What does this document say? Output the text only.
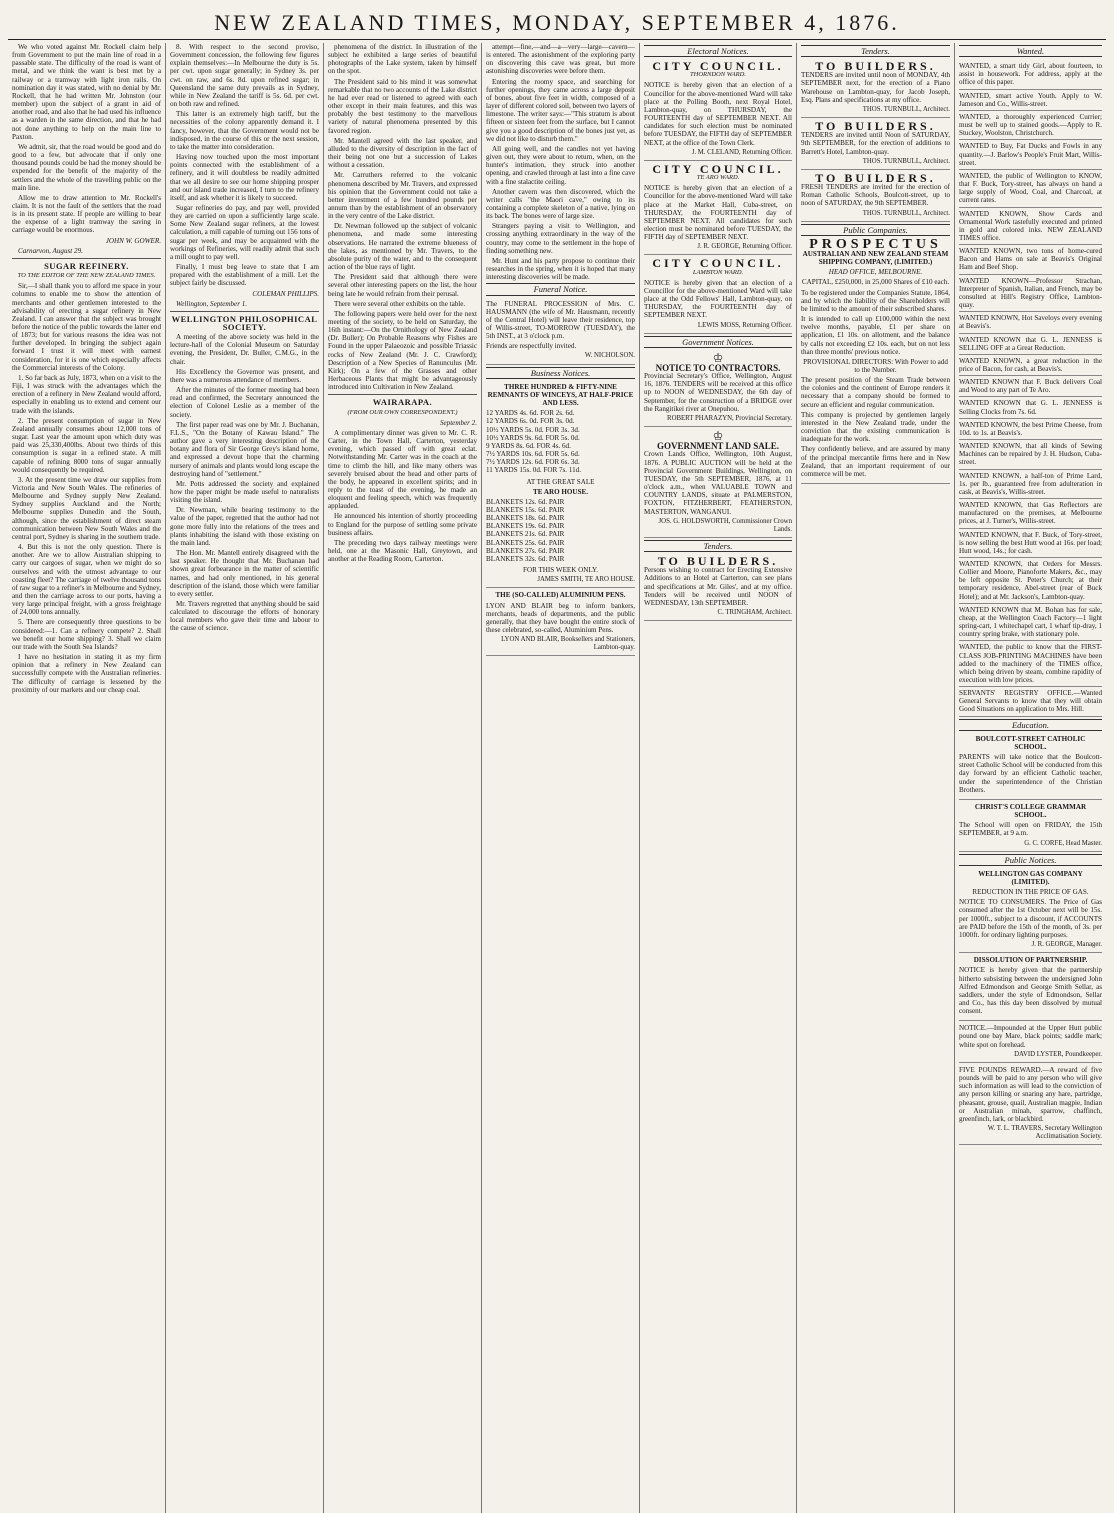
NEW ZEALAND TIMES, MONDAY, SEPTEMBER 4, 1876.

We who voted against Mr. Rockell claim help from Government to put the main line of road in a passable state. The difficulty of the road is want of metal, and we think the want is best met by a railway or a tramway with light iron rails. On nomination day it was stated, with no denial by Mr. Rockell, that he had written Mr. Johnston (our member) upon the subject of a grant in aid of another road, and also that he had used his influence as a warden in the same direction, and that he had not done anything to help on the main line to Paxton.

We admit, sir, that the road would be good and do good to a few, but advocate that if only one thousand pounds could be had the money should be expended for the benefit of the majority of the settlers and the whole of the travelling public on the main line.

Allow me to draw attention to Mr. Rockell's claim. It is not the fault of the settlers that the road is in its present state. If people are willing to bear the expense of a light tramway the saving in carriage would be enormous.

JOHN W. GOWER.
Carnarvon, August 29.
SUGAR REFINERY.
TO THE EDITOR OF THE NEW ZEALAND TIMES.

Sir,—I shall thank you to afford me space in your columns to enable me to show the attention of merchants and other gentlemen interested to the advisability of erecting a sugar refinery in New Zealand. I can answer that the subject was brought before the notice of the public towards the latter end of 1873; but for various reasons the idea was not further developed. In bringing the subject again forward I trust it will meet with earnest consideration, for it is one which especially affects the Commercial interests of the Colony.

1. So far back as July, 1873, when on a visit to the Fiji, I was struck with the advantages which the erection of a refinery in New Zealand would afford, especially in enabling us to extend and cement our trade with the islands.

2. The present consumption of sugar in New Zealand annually consumes about 12,000 tons of sugar. Last year the amount upon which duty was paid was 25,330,400lbs. About two thirds of this consumption is sugar in a refined state. A mill capable of refining 8000 tons of sugar annually would consequently be required.

3. At the present time we draw our supplies from Victoria and New South Wales. The refineries of Melbourne and Sydney supply New Zealand. Sydney supplies Auckland and the North; Melbourne supplies Dunedin and the South, although, since the establishment of direct steam communication between New South Wales and the central port, Sydney is sharing in the southern trade.

4. But this is not the only question. There is another. Are we to allow Australian shipping to carry our cargoes of sugar, when we might do so ourselves and with the utmost advantage to our coasting fleet? The carriage of twelve thousand tons of raw sugar to a refiner's in Melbourne and Sydney, and then the carriage across to our ports, having a very large principal freight, with a gross freightage of 24,000 tons annually.

5. There are consequently three questions to be considered:—1. Can a refinery compete? 2. Shall we benefit our home shipping? 3. Shall we claim our trade with the South Sea Islands?

I have no hesitation in stating it as my firm opinion that a refinery in New Zealand can successfully compete with the Australian refineries. The difficulty of carriage is lessened by the proximity of our markets and our cheap coal.

8. With respect to the second proviso, Government concession, the following few figures explain themselves:—In Melbourne the duty is 5s. per cwt. upon sugar generally; in Sydney 3s. per cwt. on raw, and 6s. 8d. upon refined sugar; in Queensland the same duty prevails as in Sydney, while in New Zealand the tariff is 5s. 6d. per cwt. on both raw and refined.

This latter is an extremely high tariff, but the necessities of the colony apparently demand it. I fancy, however, that the Government would not be indisposed, in the course of this or the next session, to take the matter into consideration.

Having now touched upon the most important points connected with the establishment of a refinery, and it will doubtless be readily admitted that we all desire to see our home shipping prosper and our island trade increased, I turn to the refinery itself, and ask whether it is likely to succeed.

Sugar refineries do pay, and pay well, provided they are carried on upon a sufficiently large scale. Some New Zealand sugar refiners, at the lowest calculation, a mill capable of turning out 156 tons of sugar per week, and may be acquainted with the workings of Refineries, will readily admit that such a mill ought to pay well.

Finally, I must beg leave to state that I am prepared with the establishment of a mill. Let the subject fairly be discussed.

COLEMAN PHILLIPS.
Wellington, September 1.
WELLINGTON PHILOSOPHICAL SOCIETY.

A meeting of the above society was held in the lecture-hall of the Colonial Museum on Saturday evening, the President, Dr. Buller, C.M.G., in the chair.

His Excellency the Governor was present, and there was a numerous attendance of members.

After the minutes of the former meeting had been read and confirmed, the Secretary announced the election of Colonel Leslie as a member of the society.

The first paper read was one by Mr. J. Buchanan, F.L.S., "On the Botany of Kawau Island." The author gave a very interesting description of the botany and flora of Sir George Grey's island home, and expressed a devout hope that the charming nursery of animals and plants would long escape the destroying hand of "settlement."

Mr. Potts addressed the society and explained how the paper might be made useful to naturalists visiting the island.

Dr. Newman, while bearing testimony to the value of the paper, regretted that the author had not gone more fully into the relations of the trees and plants inhabiting the island with those existing on the main land.

The Hon. Mr. Mantell entirely disagreed with the last speaker. He thought that Mr. Buchanan had shown great forbearance in the matter of scientific names, and had only mentioned, in his general description of the island, those which were familiar to every settler.

Mr. Travers regretted that anything should be said calculated to discourage the efforts of honorary local members who gave their time and labour to the cause of science.

phenomena of the district. In illustration of the subject he exhibited a large series of beautiful photographs of the Lake system, taken by himself on the spot.

The President said to his mind it was somewhat remarkable that no two accounts of the Lake district he had ever read or listened to agreed with each other except in their main features, and this was probably the best testimony to the marvellous variety of natural phenomena presented by this favored region.

Mr. Mantell agreed with the last speaker, and alluded to the diversity of description in the fact of their being not one but a succession of Lakes without a cessation.

Mr. Carruthers referred to the volcanic phenomena described by Mr. Travers, and expressed his opinion that the Government could not take a better investment of a few hundred pounds per annum than by the establishment of an observatory in the very centre of the Lake district.

Dr. Newman followed up the subject of volcanic phenomena, and made some interesting observations. He narrated the extreme blueness of the lakes, as mentioned by Mr. Travers, to the absolute purity of the water, and to the consequent action of the blue rays of light.

The President said that although there were several other interesting papers on the list, the hour being late he would refrain from their perusal.

There were several other exhibits on the table.

The following papers were held over for the next meeting of the society, to be held on Saturday, the 16th instant:—On the Ornithology of New Zealand (Dr. Buller); On Probable Reasons why Fishes are Found in the upper Palaeozoic and possible Triassic rocks of New Zealand (Mr. J. C. Crawford); Description of a New Species of Ranunculus (Mr. Kirk); On a few of the Grasses and other Herbaceous Plants that might be advantageously introduced into Cultivation in New Zealand.

WAIRARAPA.
(FROM OUR OWN CORRESPONDENT.)
September 2.

A complimentary dinner was given to Mr. C. R. Carter, in the Town Hall, Carterton, yesterday evening, which passed off with great eclat. Notwithstanding Mr. Carter was in the coach at the time to climb the hill, and like many others was severely bruised about the head and other parts of the body, he appeared in excellent spirits; and in reply to the toast of the evening, he made an eloquent and feeling speech, which was frequently applauded.

He announced his intention of shortly proceeding to England for the purpose of settling some private business affairs.

The preceding two days railway meetings were held, one at the Masonic Hall, Greytown, and another at the Reading Room, Carterton.

attempt—fine,—and—a—very—large—cavern—is entered. The astonishment of the exploring party on discovering this cave was great, but more astonishing discoveries were before them.

Entering the roomy space, and searching for further openings, they came across a large deposit of bones, about five feet in width, composed of a layer of different colored soil, between two layers of limestone. The writer says:—"This stratum is about fifteen or sixteen feet from the surface, but I cannot give you a good description of the bones just yet, as we did not like to disturb them."

All going well, and the candles not yet having given out, they were about to return, when, on the hunter's intimation, they struck into another opening, and crawled through at last into a fine cave with a fine stalactite ceiling.

Another cavern was then discovered, which the writer calls "the Maori cave," owing to its containing a complete skeleton of a native, lying on its back. The bones were of large size.

Strangers paying a visit to Wellington, and crossing anything extraordinary in the way of the country, may come to the settlement in the hope of finding something new.

Mr. Hunt and his party propose to continue their researches in the spring, when it is hoped that many interesting discoveries will be made.

Funeral Notice.

The FUNERAL PROCESSION of Mrs. C. HAUSMANN (the wife of Mr. Hausmann, recently of the Central Hotel) will leave their residence, top of Willis-street, TO-MORROW (TUESDAY), the 5th INST., at 3 o'clock p.m.

Friends are respectfully invited.

W. NICHOLSON.
Business Notices.

THREE HUNDRED & FIFTY-NINE REMNANTS OF WINCEYS, AT HALF-PRICE AND LESS.

12 YARDS 4s. 6d. FOR 2s. 6d.
12 YARDS 6s. 0d. FOR 3s. 0d.
10½ YARDS 5s. 0d. FOR 3s. 3d.
10½ YARDS 9s. 6d. FOR 5s. 0d.
9 YARDS 8s. 6d. FOR 4s. 6d.
7½ YARDS 10s. 6d. FOR 5s. 6d.
7½ YARDS 12s. 6d. FOR 6s. 3d.
11 YARDS 15s. 0d. FOR 7s. 11d.

AT THE GREAT SALE

TE ARO HOUSE.

BLANKETS 12s. 6d. PAIR
BLANKETS 15s. 6d. PAIR
BLANKETS 18s. 6d. PAIR
BLANKETS 19s. 6d. PAIR
BLANKETS 21s. 6d. PAIR
BLANKETS 25s. 6d. PAIR
BLANKETS 27s. 6d. PAIR
BLANKETS 32s. 6d. PAIR

FOR THIS WEEK ONLY.

JAMES SMITH, TE ARO HOUSE.

THE (SO-CALLED) ALUMINIUM PENS.

LYON AND BLAIR beg to inform bankers, merchants, heads of departments, and the public generally, that they have bought the entire stock of these celebrated, so-called, Aluminium Pens.

LYON AND BLAIR, Booksellers and Stationers, Lambton-quay.
Electoral Notices.
CITY COUNCIL.
THORNDON WARD.

NOTICE is hereby given that an election of a Councillor for the above-mentioned Ward will take place at the Polling Booth, next Royal Hotel, Lambton-quay, on THURSDAY, the FOURTEENTH day of SEPTEMBER NEXT. All candidates for such election must be nominated before TUESDAY, the FIFTH day of SEPTEMBER NEXT, at the office of the Town Clerk.

J. M. CLELAND, Returning Officer.
CITY COUNCIL.
TE ARO WARD.

NOTICE is hereby given that an election of a Councillor for the above-mentioned Ward will take place at the Market Hall, Cuba-street, on THURSDAY, the FOURTEENTH day of SEPTEMBER NEXT. All candidates for such election must be nominated before TUESDAY, the FIFTH day of SEPTEMBER NEXT.

J. R. GEORGE, Returning Officer.
CITY COUNCIL.
LAMBTON WARD.

NOTICE is hereby given that an election of a Councillor for the above-mentioned Ward will take place at the Odd Fellows' Hall, Lambton-quay, on THURSDAY, the FOURTEENTH day of SEPTEMBER NEXT.

LEWIS MOSS, Returning Officer.
Government Notices.
♔
NOTICE TO CONTRACTORS.

Provincial Secretary's Office, Wellington, August 16, 1876. TENDERS will be received at this office up to NOON of WEDNESDAY, the 6th day of September, for the construction of a BRIDGE over the Rangitikei river at Onepuhou.

ROBERT PHARAZYN, Provincial Secretary.
♔
GOVERNMENT LAND SALE.

Crown Lands Office, Wellington, 10th August, 1876. A PUBLIC AUCTION will be held at the Provincial Government Buildings, Wellington, on TUESDAY, the 5th SEPTEMBER, 1876, at 11 o'clock a.m., when VALUABLE TOWN and COUNTRY LANDS, situate at PALMERSTON, FOXTON, FITZHERBERT, FEATHERSTON, MASTERTON, WANGANUI.

JOS. G. HOLDSWORTH, Commissioner Crown Lands.
Tenders.
TO BUILDERS.

Persons wishing to contract for Erecting Extensive Additions to an Hotel at Carterton, can see plans and specifications at Mr. Giles', and at my office. Tenders will be received until NOON of WEDNESDAY, 13th SEPTEMBER.

C. TRINGHAM, Architect.
Tenders.
TO BUILDERS.

TENDERS are invited until noon of MONDAY, 4th SEPTEMBER next, for the erection of a Piano Warehouse on Lambton-quay, for Jacob Joseph, Esq. Plans and specifications at my office.

THOS. TURNBULL, Architect.
TO BUILDERS.

TENDERS are invited until Noon of SATURDAY, 9th SEPTEMBER, for the erection of additions to Barrett's Hotel, Lambton-quay.

THOS. TURNBULL, Architect.
TO BUILDERS.

FRESH TENDERS are invited for the erection of Roman Catholic Schools, Boulcott-street, up to noon of SATURDAY, the 9th SEPTEMBER.

THOS. TURNBULL, Architect.
Public Companies.
PROSPECTUS

AUSTRALIAN AND NEW ZEALAND STEAM SHIPPING COMPANY, (LIMITED.)

HEAD OFFICE, MELBOURNE.

CAPITAL, £250,000, in 25,000 Shares of £10 each.

To be registered under the Companies Statute, 1864, and by which the liability of the Shareholders will be limited to the amount of their subscribed shares.

It is intended to call up £100,000 within the next twelve months, payable, £1 per share on application, £1 10s. on allotment, and the balance by calls not exceeding £2 10s. each, but on not less than three months' previous notice.

PROVISIONAL DIRECTORS: With Power to add to the Number.

The present position of the Steam Trade between the colonies and the continent of Europe renders it necessary that a company should be formed to secure an efficient and regular communication.

This company is projected by gentlemen largely interested in the New Zealand trade, under the conviction that the existing communication is inadequate for the work.

They confidently believe, and are assured by many of the principal mercantile firms here and in New Zealand, that an important requirement of our commerce will be met.

Wanted.

WANTED, a smart tidy Girl, about fourteen, to assist in housework. For address, apply at the office of this paper.

WANTED, smart active Youth. Apply to W. Jameson and Co., Willis-street.

WANTED, a thoroughly experienced Currier; must be well up to stained goods.—Apply to R. Stuckey, Woolston, Christchurch.

WANTED to Buy, Fat Ducks and Fowls in any quantity.—J. Barlow's People's Fruit Mart, Willis-street.

WANTED, the public of Wellington to KNOW, that F. Buck, Tory-street, has always on hand a large supply of Wood, Coal, and Charcoal, at current rates.

WANTED KNOWN, Show Cards and Ornamental Work tastefully executed and printed in gold and colored inks. NEW ZEALAND TIMES office.

WANTED KNOWN, two tons of home-cured Bacon and Hams on sale at Beavis's Original Ham and Beef Shop.

WANTED KNOWN—Professor Strachan, Interpreter of Spanish, Italian, and French, may be consulted at Hill's Registry Office, Lambton-quay.

WANTED KNOWN, Hot Saveloys every evening at Beavis's.

WANTED KNOWN that G. L. JENNESS is SELLING OFF at a Great Reduction.

WANTED KNOWN, a great reduction in the price of Bacon, for cash, at Beavis's.

WANTED KNOWN that F. Buck delivers Coal and Wood to any part of Te Aro.

WANTED KNOWN that G. L. JENNESS is Selling Clocks from 7s. 6d.

WANTED KNOWN, the best Prime Cheese, from 10d. to 1s. at Beavis's.

WANTED KNOWN, that all kinds of Sewing Machines can be repaired by J. H. Hudson, Cuba-street.

WANTED KNOWN, a half-ton of Prime Lard, 1s. per lb., guaranteed free from adulteration in cask, at Beavis's, Willis-street.

WANTED KNOWN, that Gas Reflectors are manufactured on the premises, at Melbourne prices, at J. Turner's, Willis-street.

WANTED KNOWN, that F. Buck, of Tory-street, is now selling the best Hutt wood at 16s. per load; Hutt wood, 14s.; for cash.

WANTED KNOWN, that Orders for Messrs. Collier and Moore, Pianoforte Makers, &c., may be left opposite St. Peter's Church; at their temporary residence, Abel-street (rear of Buck Hotel); and at Mr. Jackson's, Lambton-quay.

WANTED KNOWN that M. Bohan has for sale, cheap, at the Wellington Coach Factory—1 light spring-cart, 1 whitechapel cart, 1 wharf tip-dray, 1 country spring brake, with stationary pole.

WANTED, the public to know that the FIRST-CLASS JOB-PRINTING MACHINES have been added to the machinery of the TIMES office, which being driven by steam, combine rapidity of execution with low prices.

SERVANTS' REGISTRY OFFICE.—Wanted General Servants to know that they will obtain Good Situations on application to Mrs. Hill.

Education.

BOULCOTT-STREET CATHOLIC SCHOOL.

PARENTS will take notice that the Boulcott-street Catholic School will be conducted from this day forward by an efficient Catholic teacher, under the superintendence of the Christian Brothers.

CHRIST'S COLLEGE GRAMMAR SCHOOL.

The School will open on FRIDAY, the 15th SEPTEMBER, at 9 a.m.

G. C. CORFE, Head Master.
Public Notices.

WELLINGTON GAS COMPANY (LIMITED).

REDUCTION IN THE PRICE OF GAS.

NOTICE TO CONSUMERS. The Price of Gas consumed after the 1st October next will be 15s. per 1000ft., subject to a discount, if ACCOUNTS are PAID before the 15th of the month, of 3s. per 1000ft. for ordinary lighting purposes.

J. R. GEORGE, Manager.

DISSOLUTION OF PARTNERSHIP.

NOTICE is hereby given that the partnership hitherto subsisting between the undersigned John Alfred Edmondson and George Smith Sellar, as saddlers, under the style of Edmondson, Sellar and Co., has this day been dissolved by mutual consent.

NOTICE.—Impounded at the Upper Hutt public pound one bay Mare, black points; saddle mark; white spot on forehead.

DAVID LYSTER, Poundkeeper.

FIVE POUNDS REWARD.—A reward of five pounds will be paid to any person who will give such information as will lead to the conviction of any person killing or snaring any hare, partridge, pheasant, grouse, quail, Australian magpie, Indian or Australian minah, sparrow, chaffinch, greenfinch, lark, or blackbird.

W. T. L. TRAVERS, Secretary Wellington Acclimatisation Society.
